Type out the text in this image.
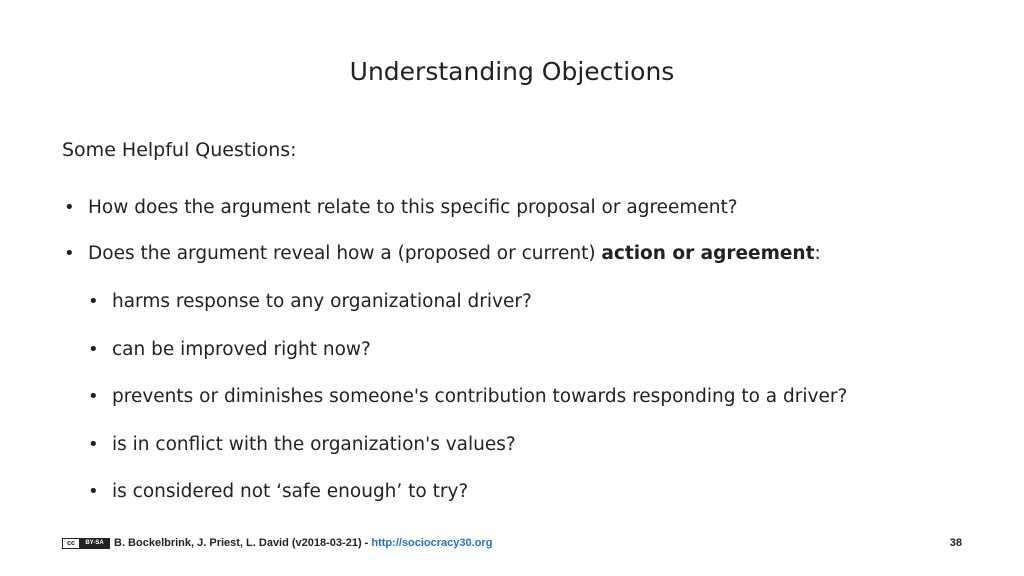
Understanding Objections
Some Helpful Questions:
• How does the argument relate to this specific proposal or agreement?
• Does the argument reveal how a (proposed or current) action or agreement:
• harms response to any organizational driver?
• can be improved right now?
• prevents or diminishes someone's contribution towards responding to a driver?
• is in conflict with the organization's values?
• is considered not ‘safe enough’ to try?
cc	BY-SA B. Bockelbrink, J. Priest, L. David (v2018-03-21) - http://sociocracy30.org	38
